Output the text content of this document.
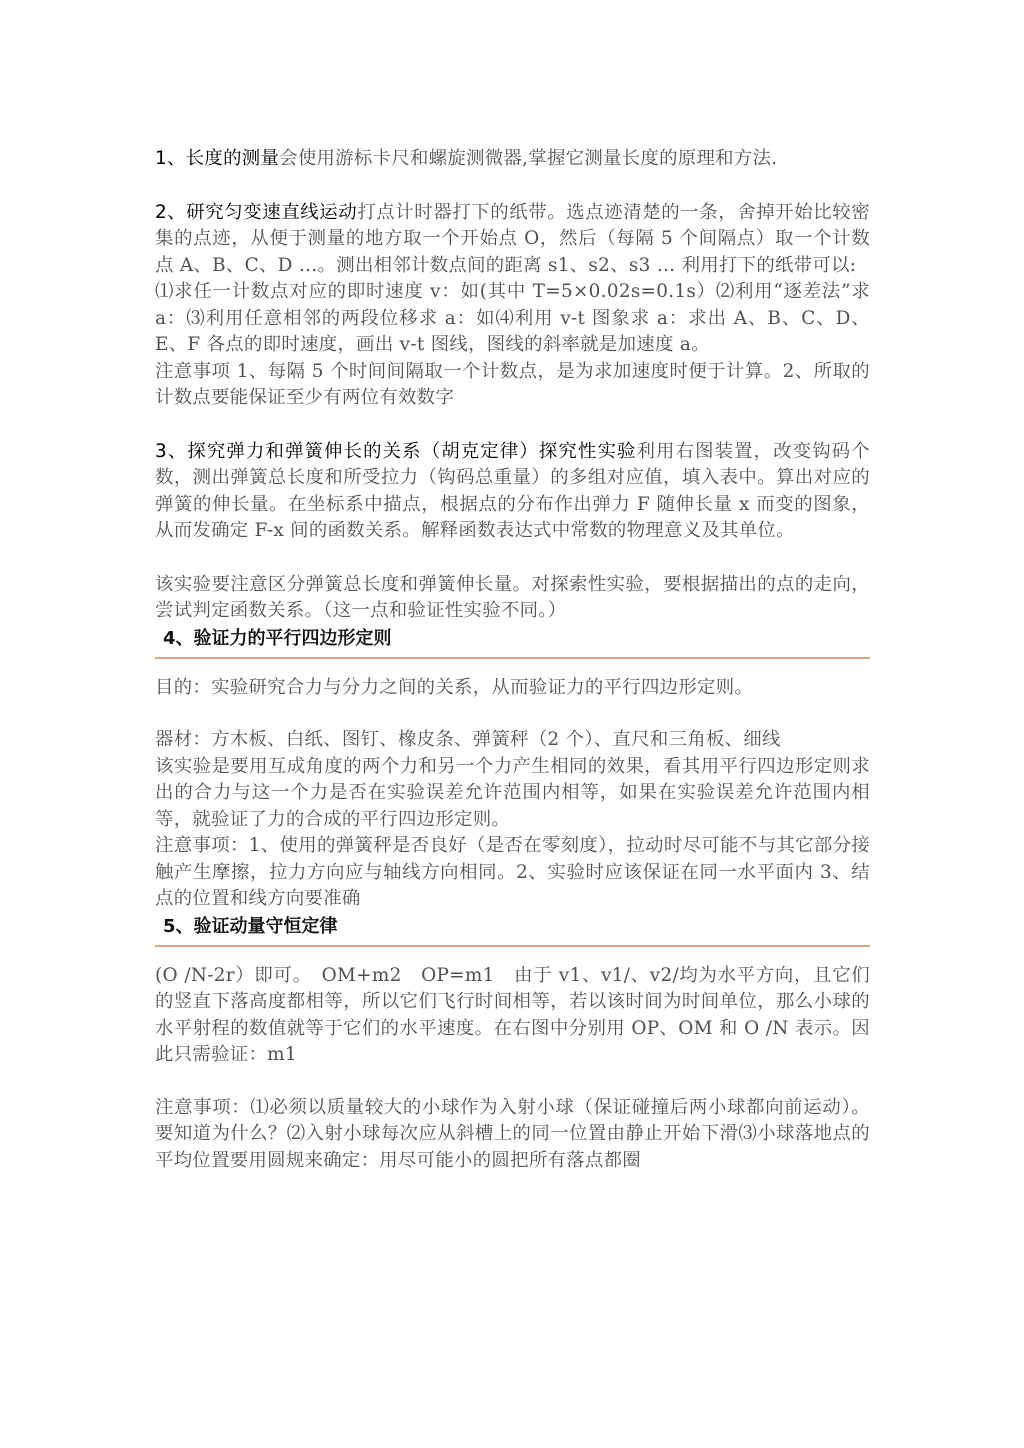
1、长度的测量会使用游标卡尺和螺旋测微器,掌握它测量长度的原理和方法.

2、研究匀变速直线运动打点计时器打下的纸带。选点迹清楚的一条，舍掉开始比较密集的点迹，从便于测量的地方取一个开始点 O，然后（每隔 5 个间隔点）取一个计数点 A、B、C、D …。测出相邻计数点间的距离 s1、s2、s3 … 利用打下的纸带可以:

⑴求任一计数点对应的即时速度 v：如(其中 T=5×0.02s=0.1s）⑵利用“逐差法”求 a：⑶利用任意相邻的两段位移求 a：如⑷利用 v-t 图象求 a：求出 A、B、C、D、E、F 各点的即时速度，画出 v-t 图线，图线的斜率就是加速度 a。

注意事项 1、每隔 5 个时间间隔取一个计数点，是为求加速度时便于计算。2、所取的计数点要能保证至少有两位有效数字

3、探究弹力和弹簧伸长的关系（胡克定律）探究性实验利用右图装置，改变钩码个数，测出弹簧总长度和所受拉力（钩码总重量）的多组对应值，填入表中。算出对应的弹簧的伸长量。在坐标系中描点，根据点的分布作出弹力 F 随伸长量 x 而变的图象，从而发确定 F-x 间的函数关系。解释函数表达式中常数的物理意义及其单位。

该实验要注意区分弹簧总长度和弹簧伸长量。对探索性实验，要根据描出的点的走向，尝试判定函数关系。（这一点和验证性实验不同。）

4、验证力的平行四边形定则

目的：实验研究合力与分力之间的关系，从而验证力的平行四边形定则。

器材：方木板、白纸、图钉、橡皮条、弹簧秤（2 个）、直尺和三角板、细线

该实验是要用互成角度的两个力和另一个力产生相同的效果，看其用平行四边形定则求出的合力与这一个力是否在实验误差允许范围内相等，如果在实验误差允许范围内相等，就验证了力的合成的平行四边形定则。

注意事项：1、使用的弹簧秤是否良好（是否在零刻度），拉动时尽可能不与其它部分接触产生摩擦，拉力方向应与轴线方向相同。2、实验时应该保证在同一水平面内 3、结点的位置和线方向要准确

5、验证动量守恒定律

(O /N-2r）即可。　OM+m2　OP=m1　由于 v1、v1/、v2/均为水平方向，且它们的竖直下落高度都相等，所以它们飞行时间相等，若以该时间为时间单位，那么小球的水平射程的数值就等于它们的水平速度。在右图中分别用 OP、OM 和 O /N 表示。因此只需验证：m1

注意事项：⑴必须以质量较大的小球作为入射小球（保证碰撞后两小球都向前运动）。要知道为什么？⑵入射小球每次应从斜槽上的同一位置由静止开始下滑⑶小球落地点的平均位置要用圆规来确定：用尽可能小的圆把所有落点都圈
